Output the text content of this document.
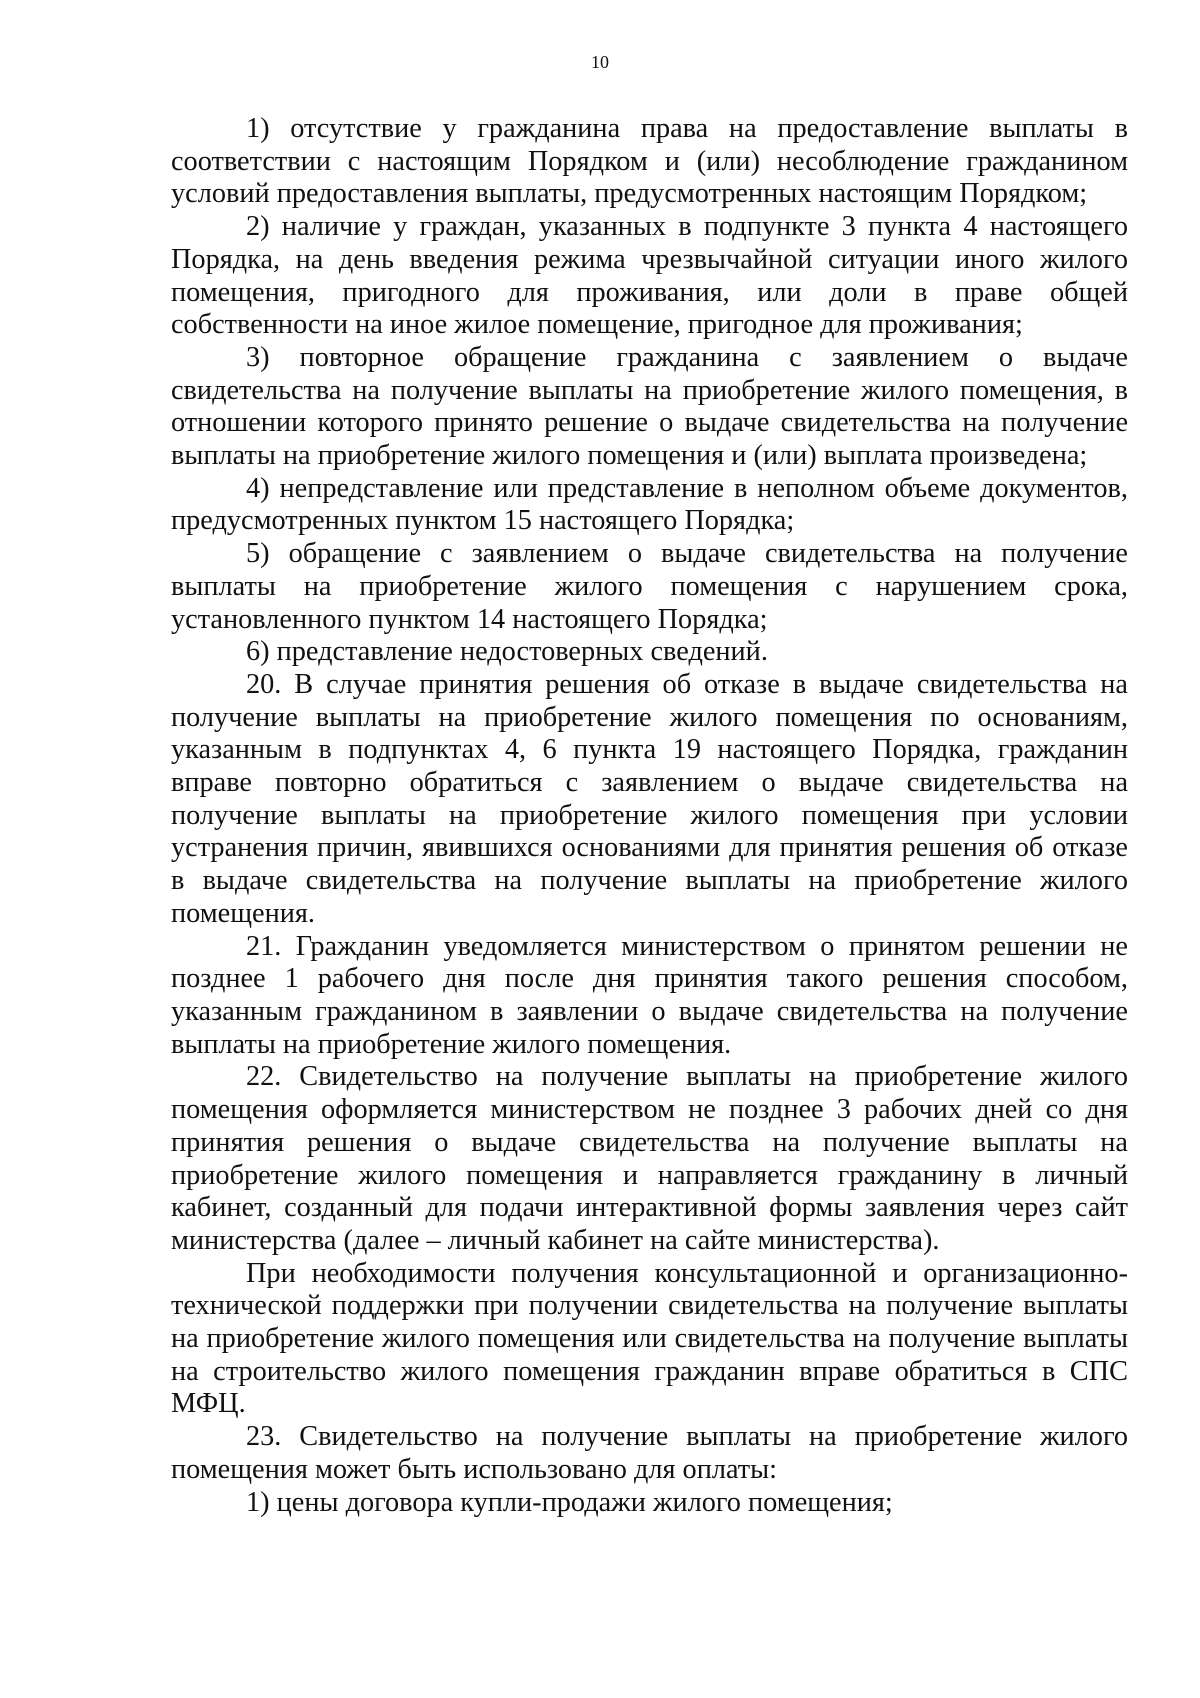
10

1) отсутствие у гражданина права на предоставление выплаты в соответствии с настоящим Порядком и (или) несоблюдение гражданином условий предоставления выплаты, предусмотренных настоящим Порядком;

2) наличие у граждан, указанных в подпункте 3 пункта 4 настоящего Порядка, на день введения режима чрезвычайной ситуации иного жилого помещения, пригодного для проживания, или доли в праве общей собственности на иное жилое помещение, пригодное для проживания;

3) повторное обращение гражданина с заявлением о выдаче свидетельства на получение выплаты на приобретение жилого помещения, в отношении которого принято решение о выдаче свидетельства на получение выплаты на приобретение жилого помещения и (или) выплата произведена;

4) непредставление или представление в неполном объеме документов, предусмотренных пунктом 15 настоящего Порядка;

5) обращение с заявлением о выдаче свидетельства на получение выплаты на приобретение жилого помещения с нарушением срока, установленного пунктом 14 настоящего Порядка;

6) представление недостоверных сведений.

20. В случае принятия решения об отказе в выдаче свидетельства на получение выплаты на приобретение жилого помещения по основаниям, указанным в подпунктах 4, 6 пункта 19 настоящего Порядка, гражданин вправе повторно обратиться с заявлением о выдаче свидетельства на получение выплаты на приобретение жилого помещения при условии устранения причин, явившихся основаниями для принятия решения об отказе в выдаче свидетельства на получение выплаты на приобретение жилого помещения.

21. Гражданин уведомляется министерством о принятом решении не позднее 1 рабочего дня после дня принятия такого решения способом, указанным гражданином в заявлении о выдаче свидетельства на получение выплаты на приобретение жилого помещения.

22. Свидетельство на получение выплаты на приобретение жилого помещения оформляется министерством не позднее 3 рабочих дней со дня принятия решения о выдаче свидетельства на получение выплаты на приобретение жилого помещения и направляется гражданину в личный кабинет, созданный для подачи интерактивной формы заявления через сайт министерства (далее – личный кабинет на сайте министерства).

При необходимости получения консультационной и организационно-технической поддержки при получении свидетельства на получение выплаты на приобретение жилого помещения или свидетельства на получение выплаты на строительство жилого помещения гражданин вправе обратиться в СПС МФЦ.

23. Свидетельство на получение выплаты на приобретение жилого помещения может быть использовано для оплаты:

1) цены договора купли-продажи жилого помещения;
